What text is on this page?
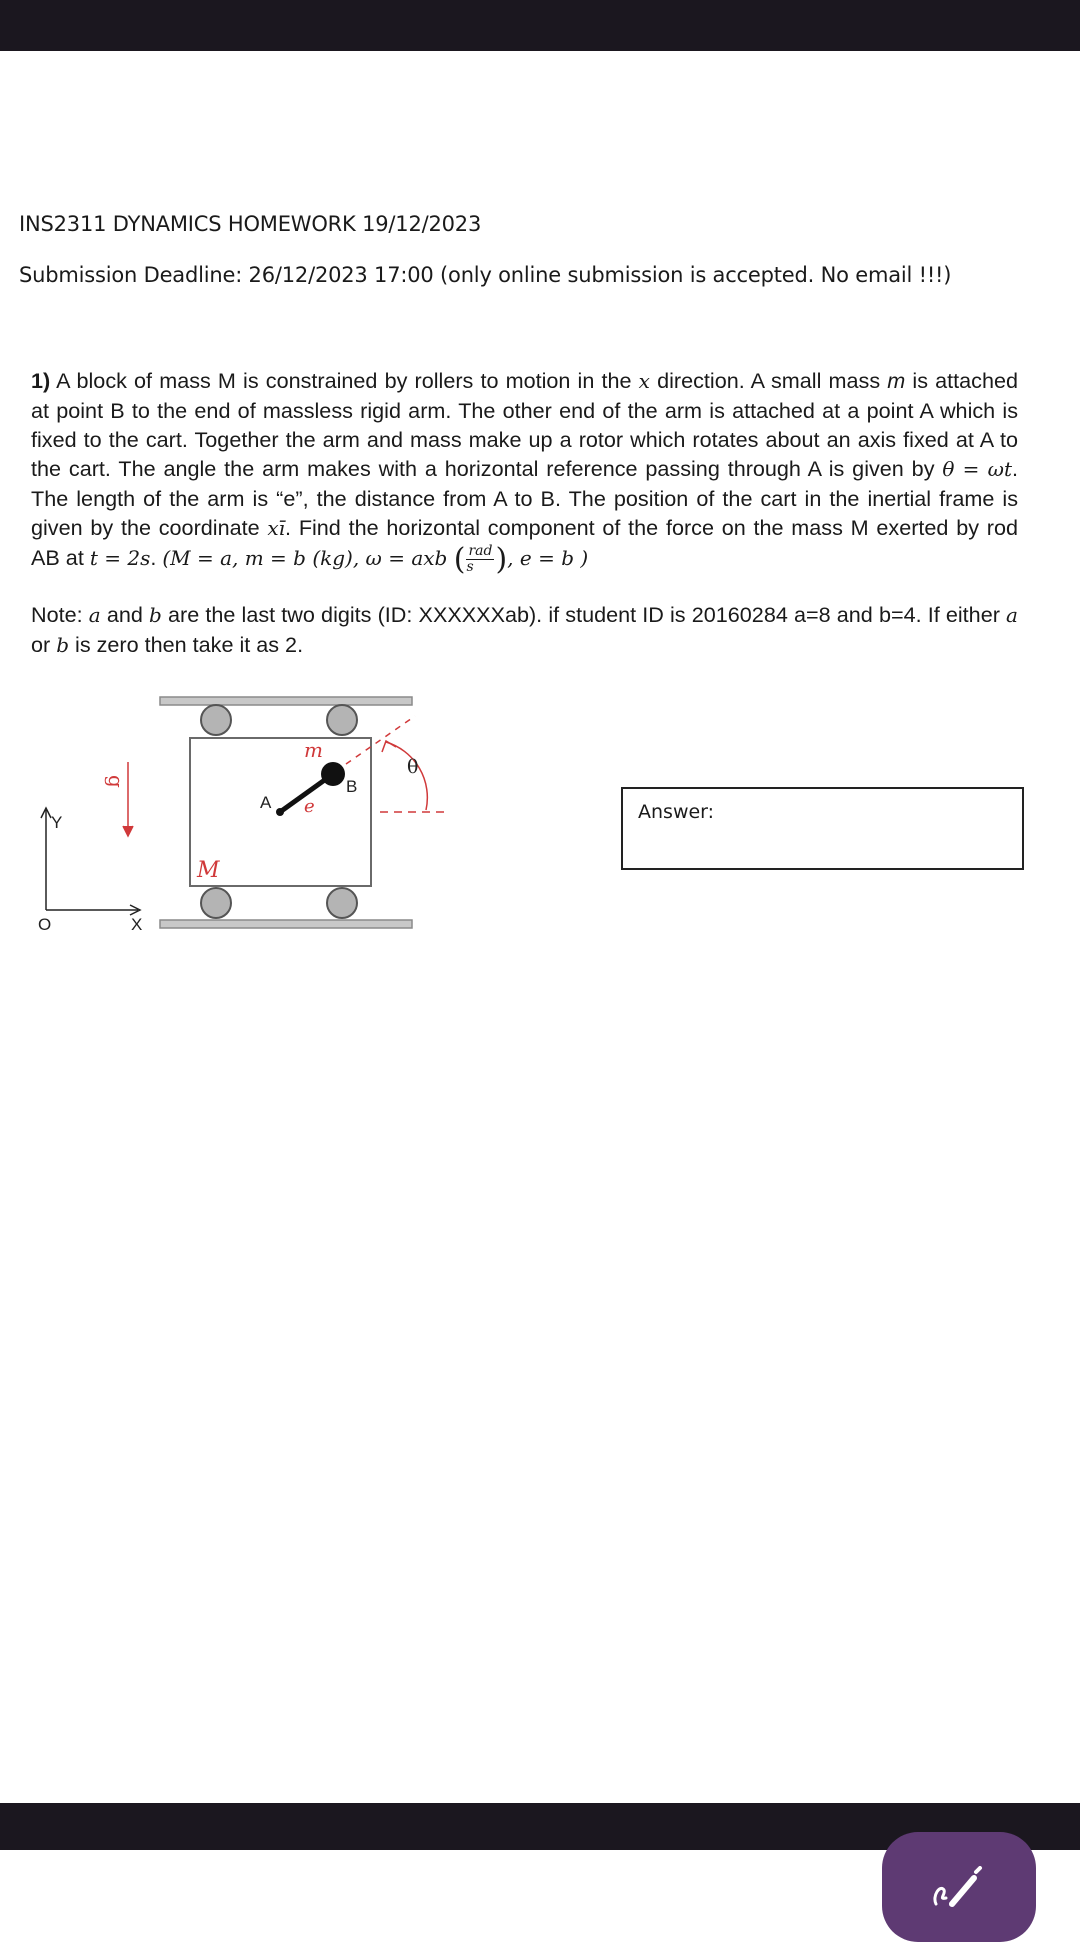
INS2311 DYNAMICS HOMEWORK 19/12/2023
Submission Deadline: 26/12/2023 17:00 (only online submission is accepted. No email !!!)
1) A block of mass M is constrained by rollers to motion in the x direction. A small mass m is attached at point B to the end of massless rigid arm. The other end of the arm is attached at a point A which is fixed to the cart. Together the arm and mass make up a rotor which rotates about an axis fixed at A to the cart. The angle the arm makes with a horizontal reference passing through A is given by θ = ωt. The length of the arm is “e”, the distance from A to B. The position of the cart in the inertial frame is given by the coordinate xī. Find the horizontal component of the force on the mass M exerted by rod AB at t = 2s. (M = a, m = b (kg), ω = axb ( $\frac{\text{rad}}{s}$ ), e = b )
Note: a and b are the last two digits (ID: XXXXXXab). if student ID is 20160284 a=8 and b=4. If either a or b is zero then take it as 2.
Y
X
O
g
M
A
B
m
e
θ
Answer:
